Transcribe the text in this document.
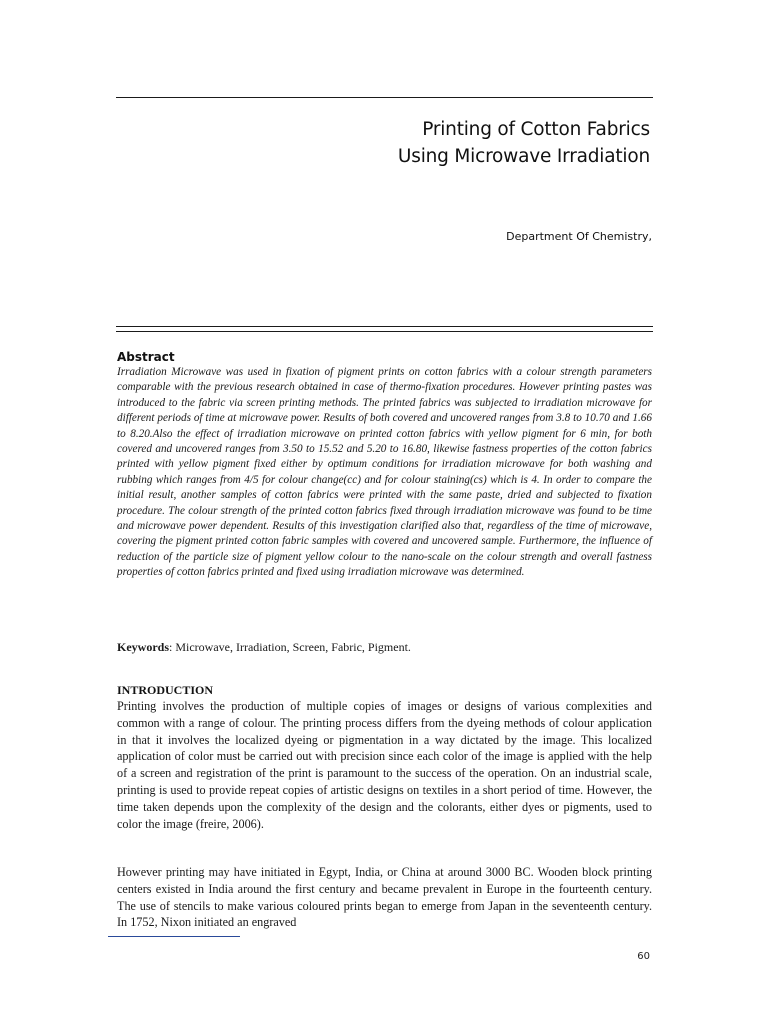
Printing of Cotton Fabrics
Using Microwave Irradiation
Department Of Chemistry,
Abstract
Irradiation Microwave was used in fixation of pigment prints on cotton fabrics with a colour strength parameters comparable with the previous research obtained in case of thermo-fixation procedures. However printing pastes was introduced to the fabric via screen printing methods. The printed fabrics was subjected to irradiation microwave for different periods of time at microwave power. Results of both covered and uncovered ranges from 3.8 to 10.70 and 1.66 to 8.20.Also the effect of irradiation microwave on printed cotton fabrics with yellow pigment for 6 min, for both covered and uncovered ranges from 3.50 to 15.52 and 5.20 to 16.80, likewise fastness properties of the cotton fabrics printed with yellow pigment fixed either by optimum conditions for irradiation microwave for both washing and rubbing which ranges from 4/5 for colour change(cc) and for colour staining(cs) which is 4. In order to compare the initial result, another samples of cotton fabrics were printed with the same paste, dried and subjected to fixation procedure. The colour strength of the printed cotton fabrics fixed through irradiation microwave was found to be time and microwave power dependent. Results of this investigation clarified also that, regardless of the time of microwave, covering the pigment printed cotton fabric samples with covered and uncovered sample. Furthermore, the influence of reduction of the particle size of pigment yellow colour to the nano-scale on the colour strength and overall fastness properties of cotton fabrics printed and fixed using irradiation microwave was determined.
Keywords: Microwave, Irradiation, Screen, Fabric, Pigment.
INTRODUCTION
Printing involves the production of multiple copies of images or designs of various complexities and common with a range of colour. The printing process differs from the dyeing methods of colour application in that it involves the localized dyeing or pigmentation in a way dictated by the image. This localized application of color must be carried out with precision since each color of the image is applied with the help of a screen and registration of the print is paramount to the success of the operation. On an industrial scale, printing is used to provide repeat copies of artistic designs on textiles in a short period of time. However, the time taken depends upon the complexity of the design and the colorants, either dyes or pigments, used to color the image (freire, 2006).
However printing may have initiated in Egypt, India, or China at around 3000 BC. Wooden block printing centers existed in India around the first century and became prevalent in Europe in the fourteenth century. The use of stencils to make various coloured prints began to emerge from Japan in the seventeenth century. In 1752, Nixon initiated an engraved
60
